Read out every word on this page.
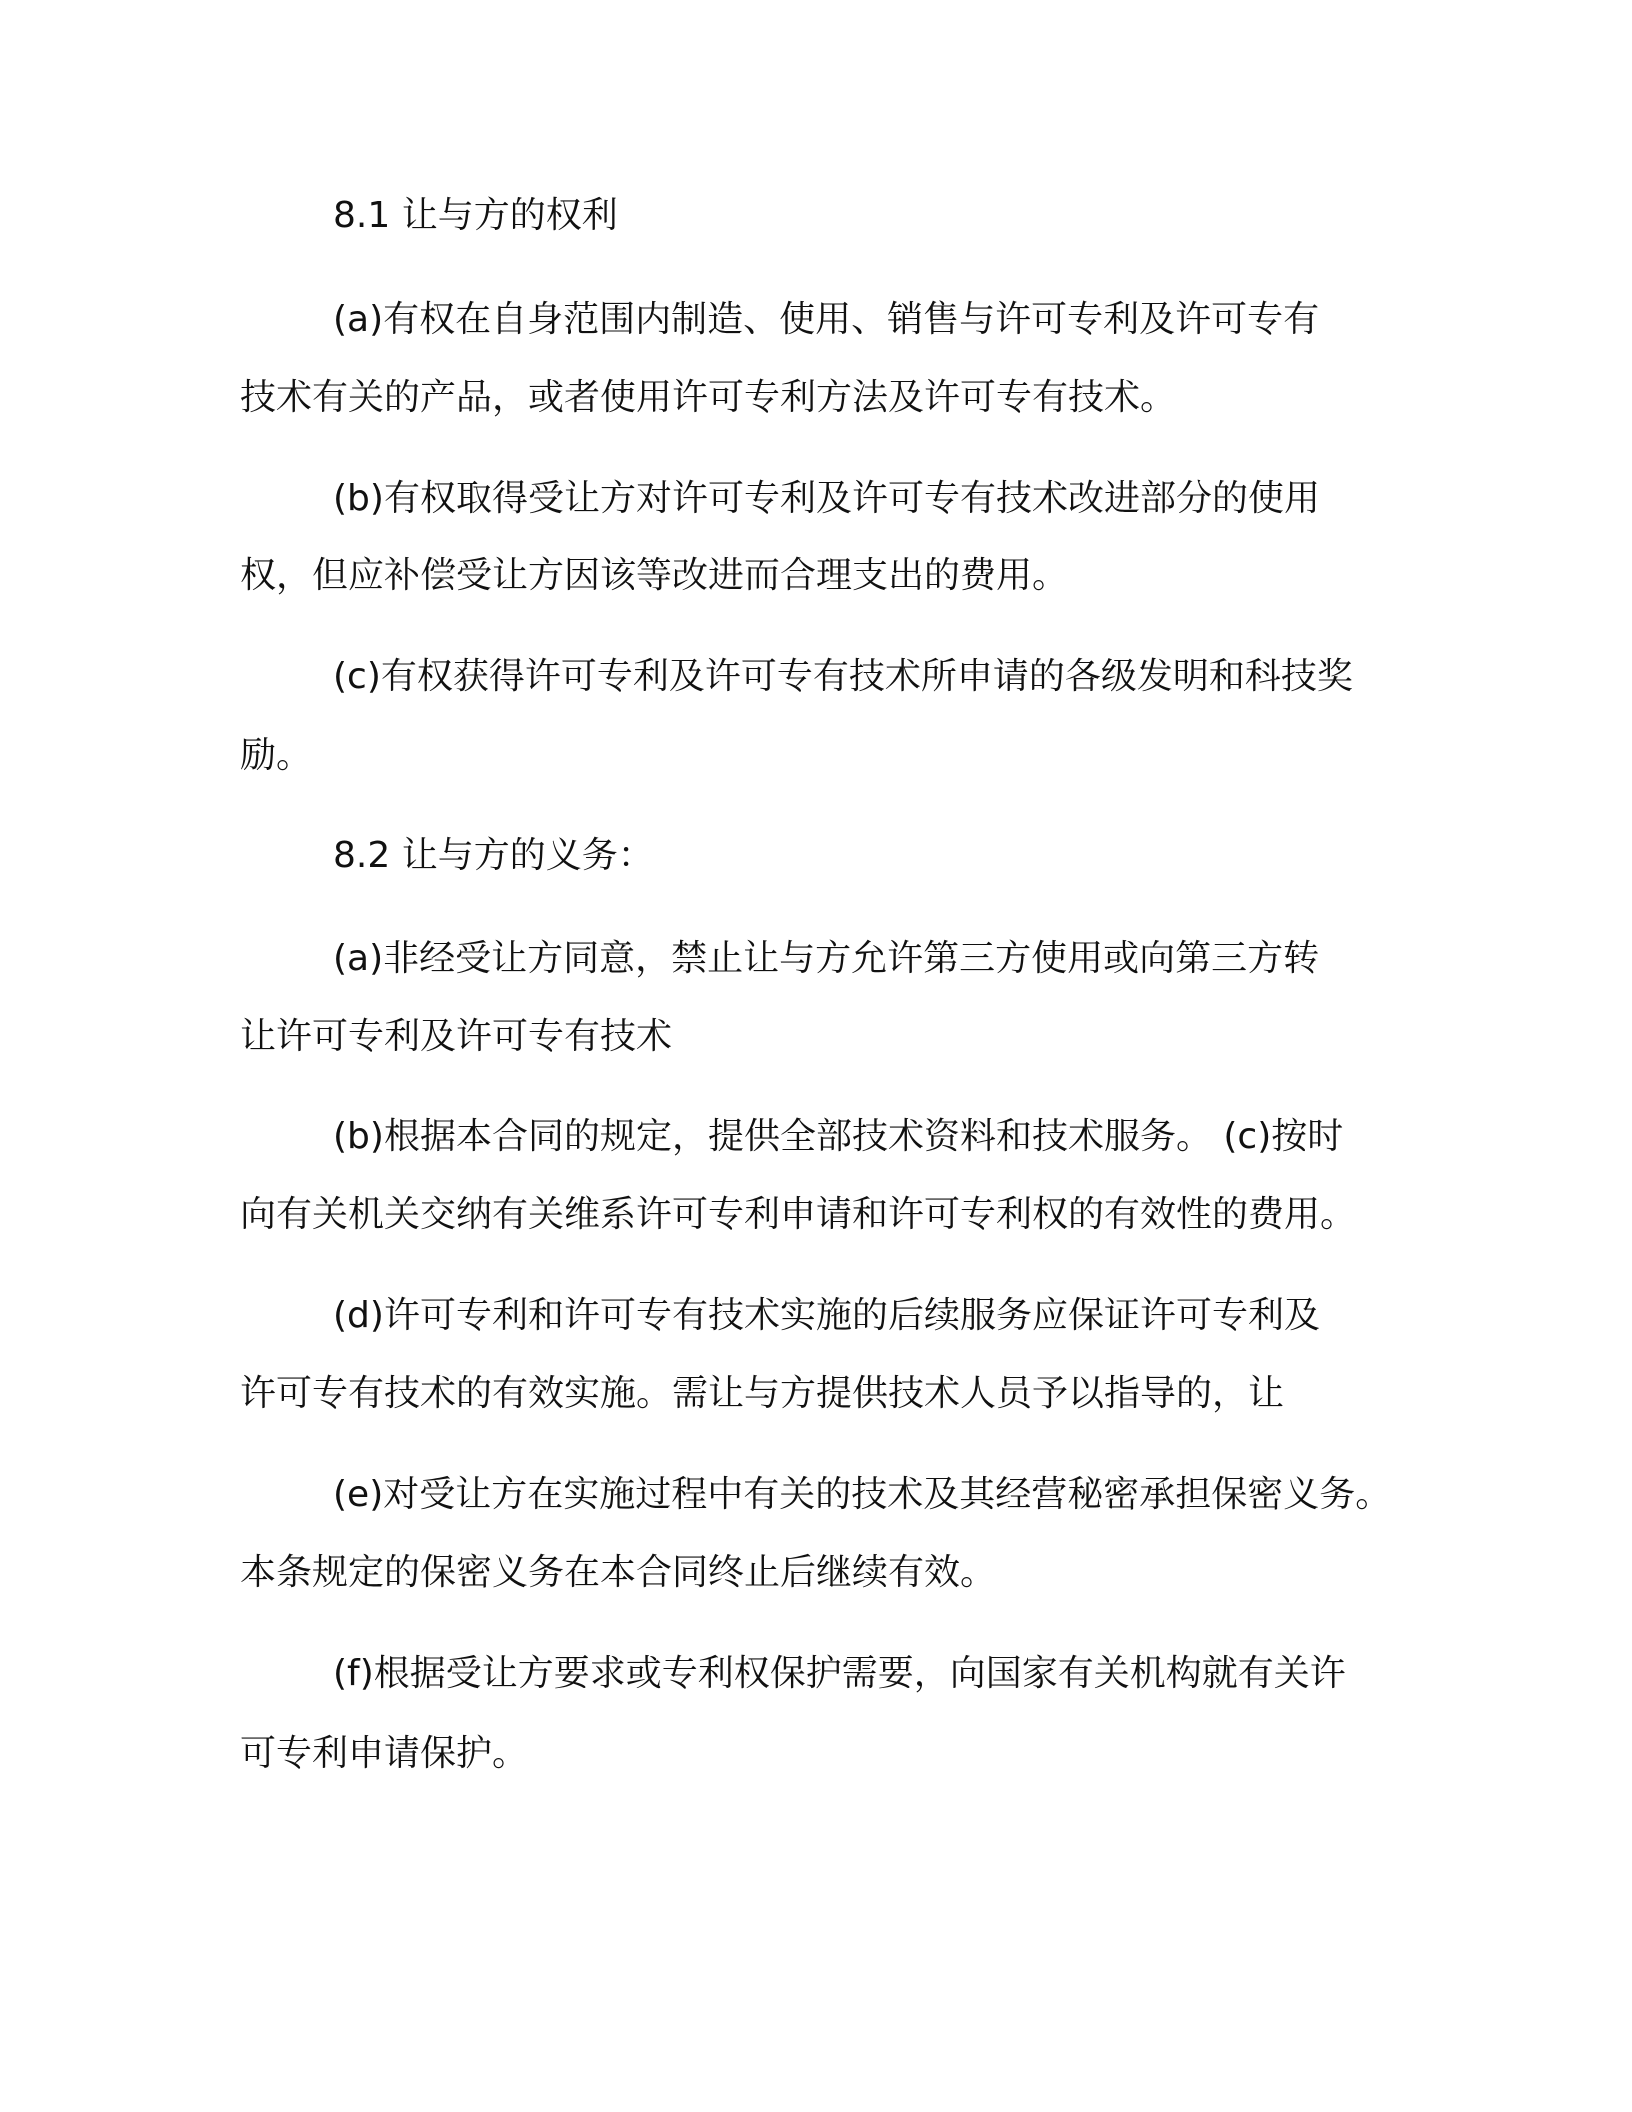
8.1 让与方的权利

(a)有权在自身范围内制造、使用、销售与许可专利及许可专有

技术有关的产品，或者使用许可专利方法及许可专有技术。

(b)有权取得受让方对许可专利及许可专有技术改进部分的使用

权，但应补偿受让方因该等改进而合理支出的费用。

(c)有权获得许可专利及许可专有技术所申请的各级发明和科技奖

励。

8.2 让与方的义务：

(a)非经受让方同意，禁止让与方允许第三方使用或向第三方转

让许可专利及许可专有技术

(b)根据本合同的规定，提供全部技术资料和技术服务。 (c)按时

向有关机关交纳有关维系许可专利申请和许可专利权的有效性的费用。

(d)许可专利和许可专有技术实施的后续服务应保证许可专利及

许可专有技术的有效实施。需让与方提供技术人员予以指导的，让

(e)对受让方在实施过程中有关的技术及其经营秘密承担保密义务。

本条规定的保密义务在本合同终止后继续有效。

(f)根据受让方要求或专利权保护需要，向国家有关机构就有关许

可专利申请保护。
